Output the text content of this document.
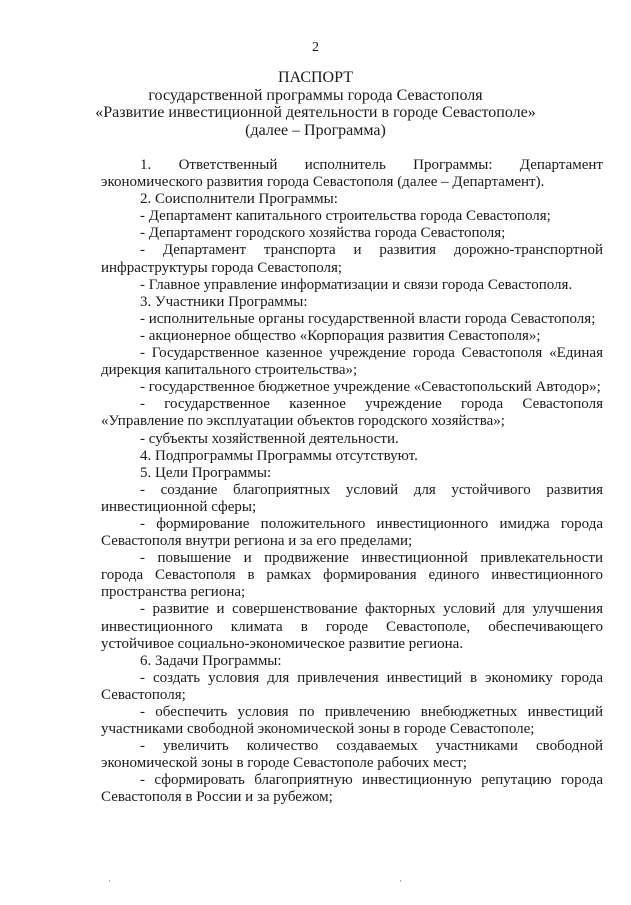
2
ПАСПОРТ
государственной программы города Севастополя
«Развитие инвестиционной деятельности в городе Севастополе»
(далее – Программа)

1. Ответственный исполнитель Программы: Департамент экономического развития города Севастополя (далее – Департамент).

2. Соисполнители Программы:

- Департамент капитального строительства города Севастополя;

- Департамент городского хозяйства города Севастополя;

- Департамент транспорта и развития дорожно-транспортной инфраструктуры города Севастополя;

- Главное управление информатизации и связи города Севастополя.

3. Участники Программы:

- исполнительные органы государственной власти города Севастополя;

- акционерное общество «Корпорация развития Севастополя»;

- Государственное казенное учреждение города Севастополя «Единая дирекция капитального строительства»;

- государственное бюджетное учреждение «Севастопольский Автодор»;

- государственное казенное учреждение города Севастополя «Управление по эксплуатации объектов городского хозяйства»;

- субъекты хозяйственной деятельности.

4. Подпрограммы Программы отсутствуют.

5. Цели Программы:

- создание благоприятных условий для устойчивого развития инвестиционной сферы;

- формирование положительного инвестиционного имиджа города Севастополя внутри региона и за его пределами;

- повышение и продвижение инвестиционной привлекательности города Севастополя в рамках формирования единого инвестиционного пространства региона;

- развитие и совершенствование факторных условий для улучшения инвестиционного климата в городе Севастополе, обеспечивающего устойчивое социально-экономическое развитие региона.

6. Задачи Программы:

- создать условия для привлечения инвестиций в экономику города Севастополя;

- обеспечить условия по привлечению внебюджетных инвестиций участниками свободной экономической зоны в городе Севастополе;

- увеличить количество создаваемых участниками свободной экономической зоны в городе Севастополе рабочих мест;

- сформировать благоприятную инвестиционную репутацию города Севастополя в России и за рубежом;

·	·
